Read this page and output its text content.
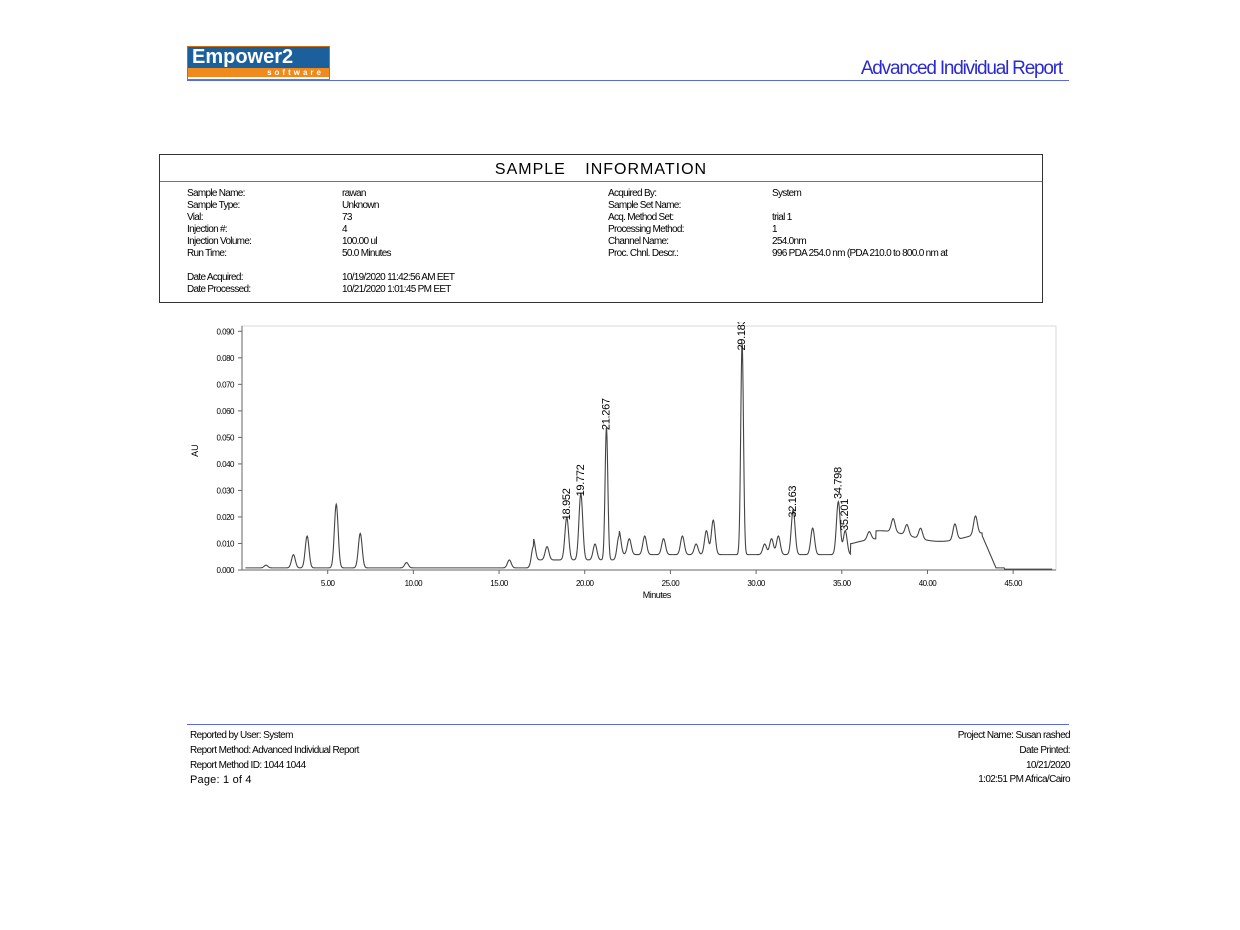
Empower2
software	Advanced Individual Report
SAMPLE INFORMATION
Sample Name:	rawan
Sample Type:	Unknown
Vial:	73
Injection #:	4
Injection Volume:	100.00 ul
Run Time:	50.0 Minutes
Date Acquired:	10/19/2020 11:42:56 AM EET
Date Processed:	10/21/2020 1:01:45 PM EET
Acquired By:	System
Sample Set Name:
Acq. Method Set:	trial 1
Processing Method:	1
Channel Name:	254.0nm
Proc. Chnl. Descr.:	996 PDA 254.0 nm (PDA 210.0 to 800.0 nm at
0.000
0.010
0.020
0.030
0.040
0.050
0.060
0.070
0.080
0.090
5.00	10.00	15.00	20.00	25.00	30.00	35.00	40.00	45.00
Minutes
AU
18.952
19.772
21.267
29.183
32.163
34.798
35.201
Reported by User: System
Report Method: Advanced Individual Report
Report Method ID: 1044 1044
Page: 1 of 4
Project Name: Susan rashed
Date Printed:
10/21/2020
1:02:51 PM Africa/Cairo
